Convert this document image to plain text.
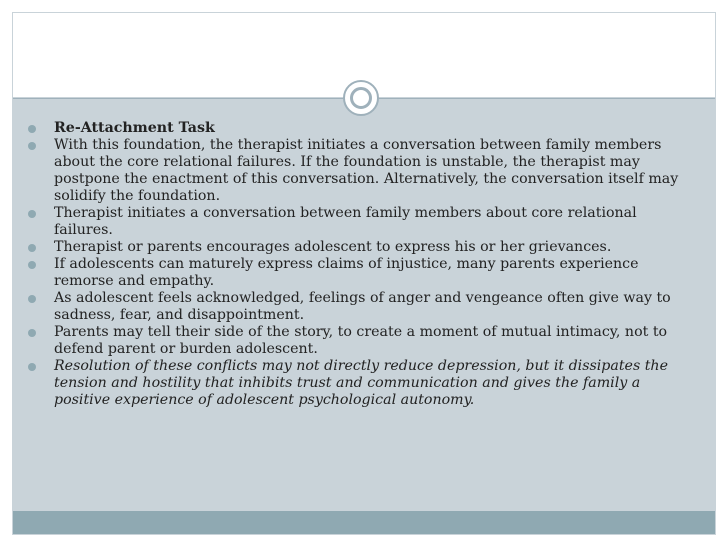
Re-Attachment Task
With this foundation, the therapist initiates a conversation between family members about the core relational failures. If the foundation is unstable, the therapist may postpone the enactment of this conversation. Alternatively, the conversation itself may solidify the foundation.
Therapist initiates a conversation between family members about core relational failures.
Therapist or parents encourages adolescent to express his or her grievances.
If adolescents can maturely express claims of injustice, many parents experience remorse and empathy.
As adolescent feels acknowledged, feelings of anger and vengeance often give way to sadness, fear, and disappointment.
Parents may tell their side of the story, to create a moment of mutual intimacy, not to defend parent or burden adolescent.
Resolution of these conflicts may not directly reduce depression, but it dissipates the tension and hostility that inhibits trust and communication and gives the family a positive experience of adolescent psychological autonomy.
